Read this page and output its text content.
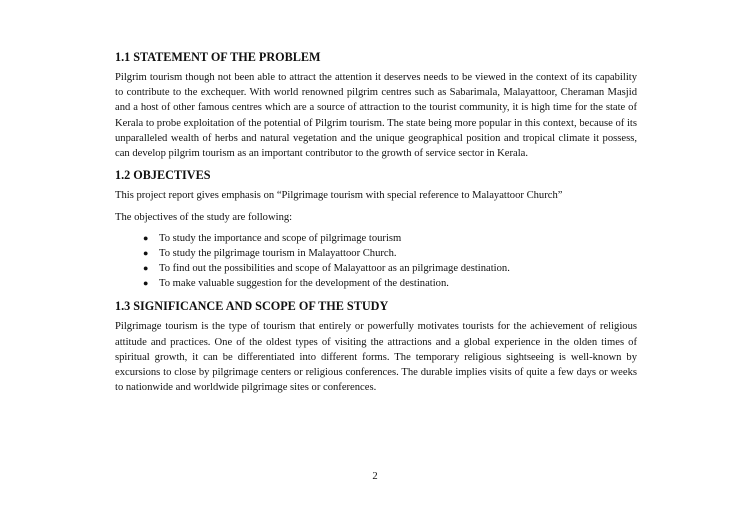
1.1 STATEMENT OF THE PROBLEM

Pilgrim tourism though not been able to attract the attention it deserves needs to be viewed in the context of its capability to contribute to the exchequer. With world renowned pilgrim centres such as Sabarimala, Malayattoor, Cheraman Masjid and a host of other famous centres which are a source of attraction to the tourist community, it is high time for the state of Kerala to probe exploitation of the potential of Pilgrim tourism. The state being more popular in this context, because of its unparalleled wealth of herbs and natural vegetation and the unique geographical position and tropical climate it possess, can develop pilgrim tourism as an important contributor to the growth of service sector in Kerala.

1.2 OBJECTIVES

This project report gives emphasis on “Pilgrimage tourism with special reference to Malayattoor Church”

The objectives of the study are following:

● To study the importance and scope of pilgrimage tourism
● To study the pilgrimage tourism in Malayattoor Church.
● To find out the possibilities and scope of Malayattoor as an pilgrimage destination.
● To make valuable suggestion for the development of the destination.
1.3 SIGNIFICANCE AND SCOPE OF THE STUDY

Pilgrimage tourism is the type of tourism that entirely or powerfully motivates tourists for the achievement of religious attitude and practices. One of the oldest types of visiting the attractions and a global experience in the olden times of spiritual growth, it can be differentiated into different forms. The temporary religious sightseeing is well-known by excursions to close by pilgrimage centers or religious conferences. The durable implies visits of quite a few days or weeks to nationwide and worldwide pilgrimage sites or conferences.

2
